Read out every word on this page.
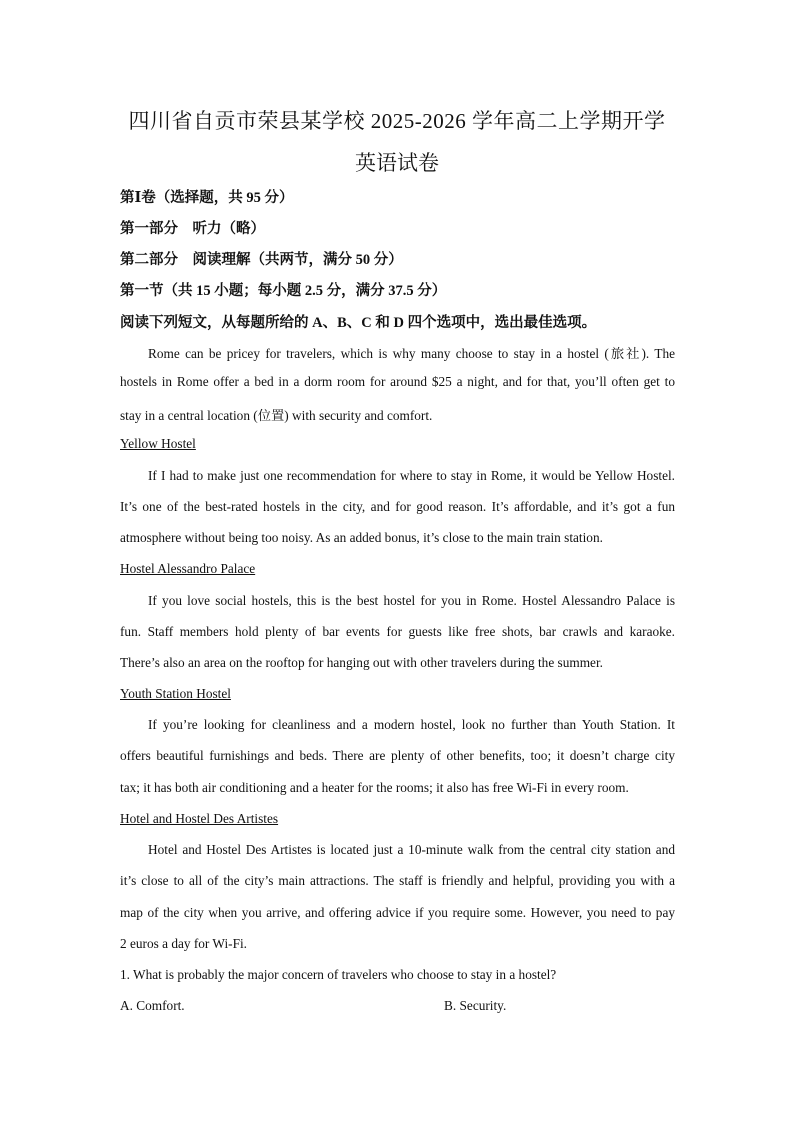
四川省自贡市荣县某学校 2025-2026 学年高二上学期开学
英语试卷
第Ⅰ卷（选择题，共 95 分）
第一部分　听力（略）
第二部分　阅读理解（共两节，满分 50 分）
第一节（共 15 小题；每小题 2.5 分，满分 37.5 分）
阅读下列短文，从每题所给的 A、B、C 和 D 四个选项中，选出最佳选项。
Rome can be pricey for travelers, which is why many choose to stay in a hostel (旅社). The
hostels in Rome offer a bed in a dorm room for around $25 a night, and for that, you’ll often get to
stay in a central location (位置) with security and comfort.
Yellow Hostel
If I had to make just one recommendation for where to stay in Rome, it would be Yellow Hostel.
It’s one of the best-rated hostels in the city, and for good reason. It’s affordable, and it’s got a fun
atmosphere without being too noisy. As an added bonus, it’s close to the main train station.
Hostel Alessandro Palace
If you love social hostels, this is the best hostel for you in Rome. Hostel Alessandro Palace is
fun. Staff members hold plenty of bar events for guests like free shots, bar crawls and karaoke.
There’s also an area on the rooftop for hanging out with other travelers during the summer.
Youth Station Hostel
If you’re looking for cleanliness and a modern hostel, look no further than Youth Station. It
offers beautiful furnishings and beds. There are plenty of other benefits, too; it doesn’t charge city
tax; it has both air conditioning and a heater for the rooms; it also has free Wi-Fi in every room.
Hotel and Hostel Des Artistes
Hotel and Hostel Des Artistes is located just a 10-minute walk from the central city station and
it’s close to all of the city’s main attractions. The staff is friendly and helpful, providing you with a
map of the city when you arrive, and offering advice if you require some. However, you need to pay
2 euros a day for Wi-Fi.
1. What is probably the major concern of travelers who choose to stay in a hostel?
A. Comfort.	B. Security.
